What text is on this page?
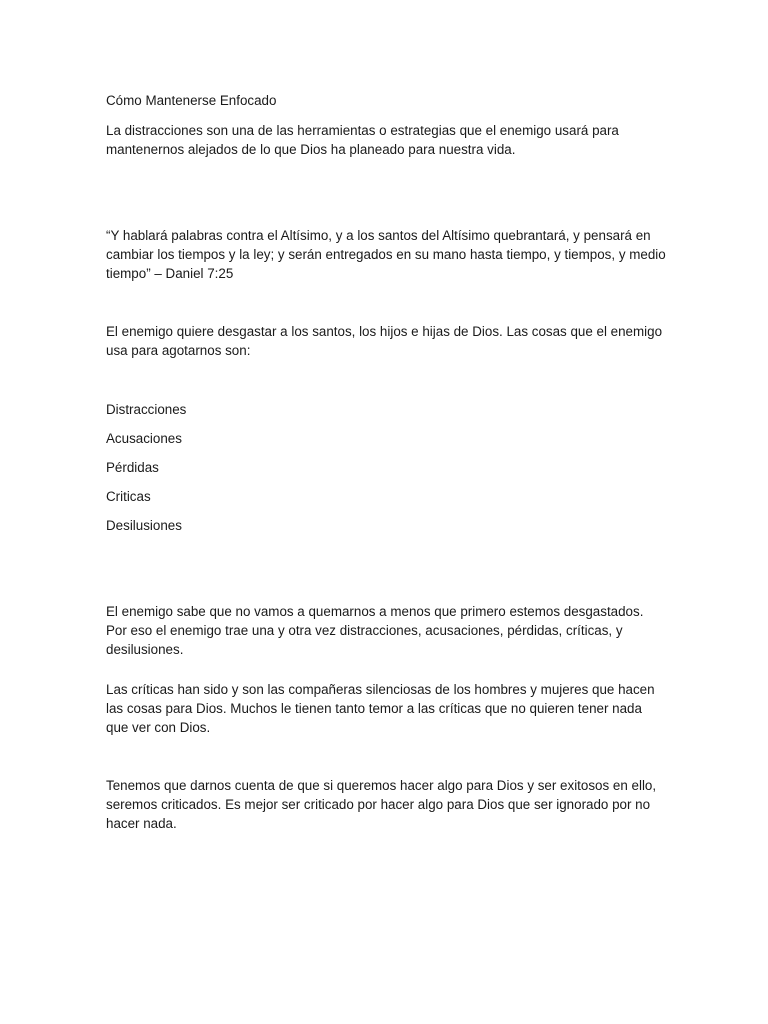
Cómo Mantenerse Enfocado

La distracciones son una de las herramientas o estrategias que el enemigo usará para mantenernos alejados de lo que Dios ha planeado para nuestra vida.

“Y hablará palabras contra el Altísimo, y a los santos del Altísimo quebrantará, y pensará en cambiar los tiempos y la ley; y serán entregados en su mano hasta tiempo, y tiempos, y medio tiempo” – Daniel 7:25

El enemigo quiere desgastar a los santos, los hijos e hijas de Dios. Las cosas que el enemigo usa para agotarnos son:

Distracciones

Acusaciones

Pérdidas

Criticas

Desilusiones

El enemigo sabe que no vamos a quemarnos a menos que primero estemos desgastados. Por eso el enemigo trae una y otra vez distracciones, acusaciones, pérdidas, críticas, y desilusiones.

Las críticas han sido y son las compañeras silenciosas de los hombres y mujeres que hacen las cosas para Dios. Muchos le tienen tanto temor a las críticas que no quieren tener nada que ver con Dios.

Tenemos que darnos cuenta de que si queremos hacer algo para Dios y ser exitosos en ello, seremos criticados. Es mejor ser criticado por hacer algo para Dios que ser ignorado por no hacer nada.
